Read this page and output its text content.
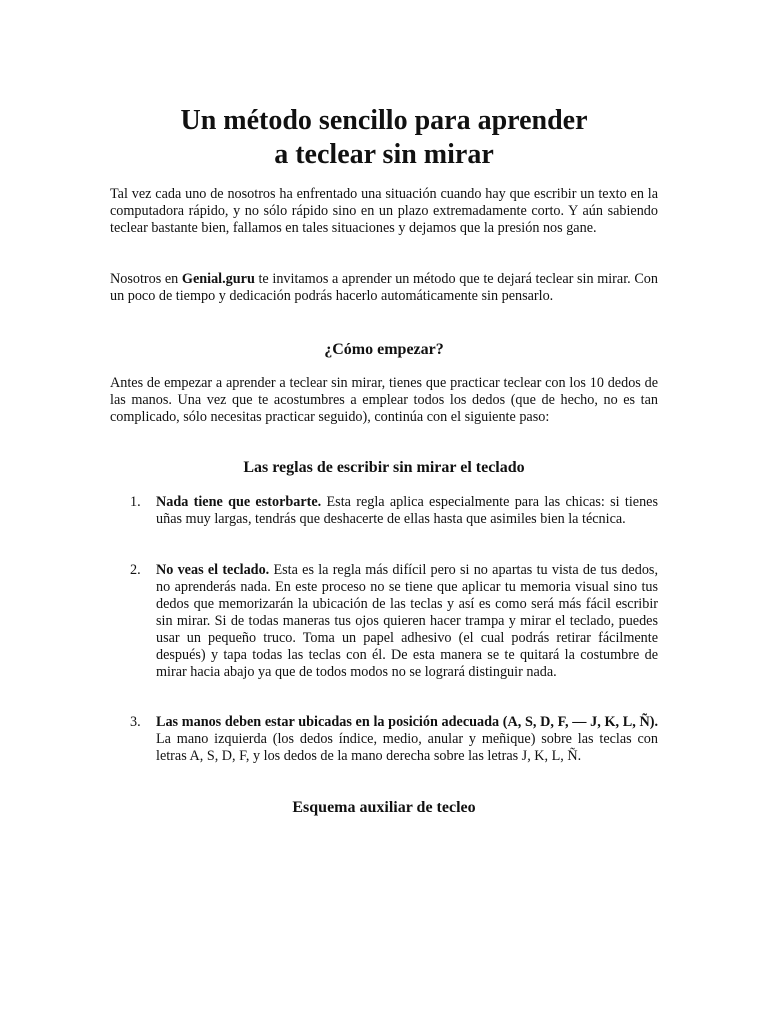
Un método sencillo para aprender
a teclear sin mirar

Tal vez cada uno de nosotros ha enfrentado una situación cuando hay que escribir un texto en la computadora rápido, y no sólo rápido sino en un plazo extremadamente corto. Y aún sabiendo teclear bastante bien, fallamos en tales situaciones y dejamos que la presión nos gane.

Nosotros en Genial.guru te invitamos a aprender un método que te dejará teclear sin mirar. Con un poco de tiempo y dedicación podrás hacerlo automáticamente sin pensarlo.

¿Cómo empezar?

Antes de empezar a aprender a teclear sin mirar, tienes que practicar teclear con los 10 dedos de las manos. Una vez que te acostumbres a emplear todos los dedos (que de hecho, no es tan complicado, sólo necesitas practicar seguido), continúa con el siguiente paso:

Las reglas de escribir sin mirar el teclado
1.	Nada tiene que estorbarte. Esta regla aplica especialmente para las chicas: si tienes uñas muy largas, tendrás que deshacerte de ellas hasta que asimiles bien la técnica.
2.	No veas el teclado. Esta es la regla más difícil pero si no apartas tu vista de tus dedos, no aprenderás nada. En este proceso no se tiene que aplicar tu memoria visual sino tus dedos que memorizarán la ubicación de las teclas y así es como será más fácil escribir sin mirar. Si de todas maneras tus ojos quieren hacer trampa y mirar el teclado, puedes usar un pequeño truco. Toma un papel adhesivo (el cual podrás retirar fácilmente después) y tapa todas las teclas con él. De esta manera se te quitará la costumbre de mirar hacia abajo ya que de todos modos no se logrará distinguir nada.
3.	Las manos deben estar ubicadas en la posición adecuada (A, S, D, F, — J, K, L, Ñ). La mano izquierda (los dedos índice, medio, anular y meñique) sobre las teclas con letras A, S, D, F, y los dedos de la mano derecha sobre las letras J, K, L, Ñ.
Esquema auxiliar de tecleo
